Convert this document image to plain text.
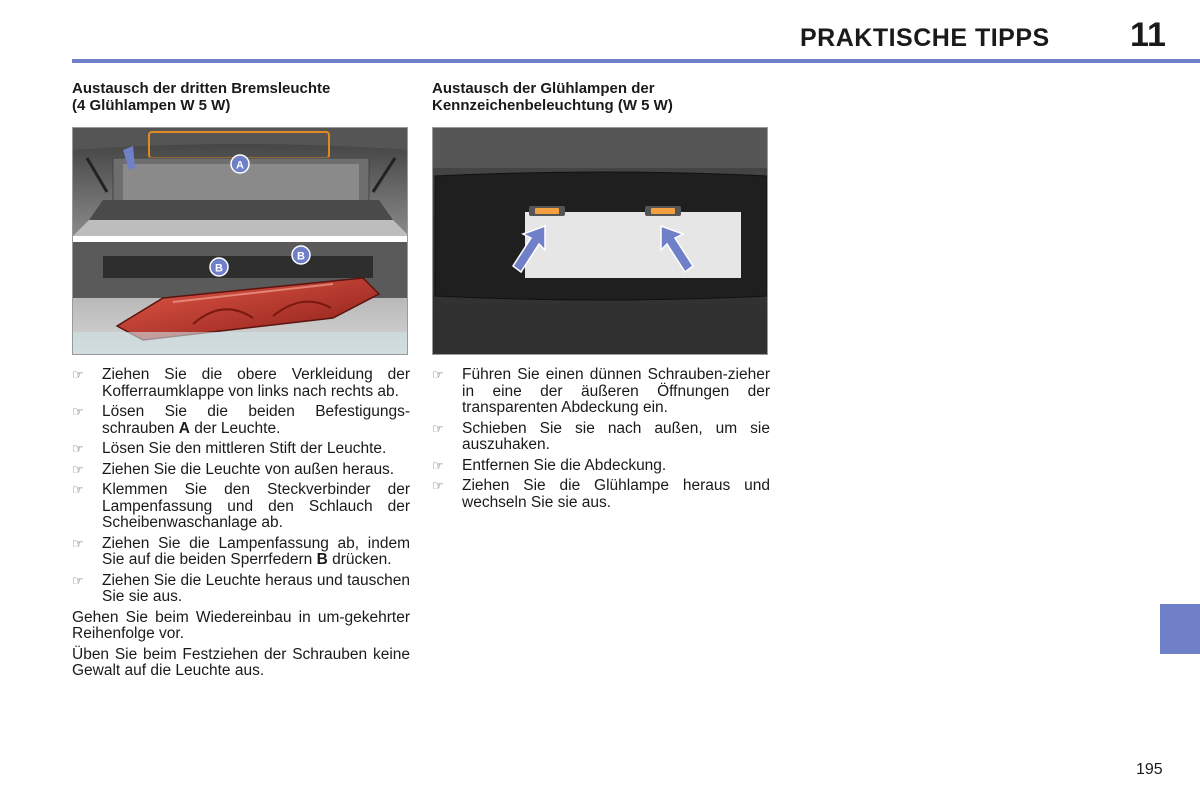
PRAKTISCHE TIPPS 11
Austausch der dritten Bremsleuchte
(4 Glühlampen W 5 W)
A
B
B
☞ Ziehen Sie die obere Verkleidung der Kofferraumklappe von links nach rechts ab.
☞ Lösen Sie die beiden Befestigungs-schrauben A der Leuchte.
☞ Lösen Sie den mittleren Stift der Leuchte.
☞ Ziehen Sie die Leuchte von außen heraus.
☞ Klemmen Sie den Steckverbinder der Lampenfassung und den Schlauch der Scheibenwaschanlage ab.
☞ Ziehen Sie die Lampenfassung ab, indem Sie auf die beiden Sperrfedern B drücken.
☞ Ziehen Sie die Leuchte heraus und tauschen Sie sie aus.

Gehen Sie beim Wiedereinbau in um-gekehrter Reihenfolge vor.

Üben Sie beim Festziehen der Schrauben keine Gewalt auf die Leuchte aus.

Austausch der Glühlampen der
Kennzeichenbeleuchtung (W 5 W)
☞ Führen Sie einen dünnen Schrauben-zieher in eine der äußeren Öffnungen der transparenten Abdeckung ein.
☞ Schieben Sie sie nach außen, um sie auszuhaken.
☞ Entfernen Sie die Abdeckung.
☞ Ziehen Sie die Glühlampe heraus und wechseln Sie sie aus.
195
